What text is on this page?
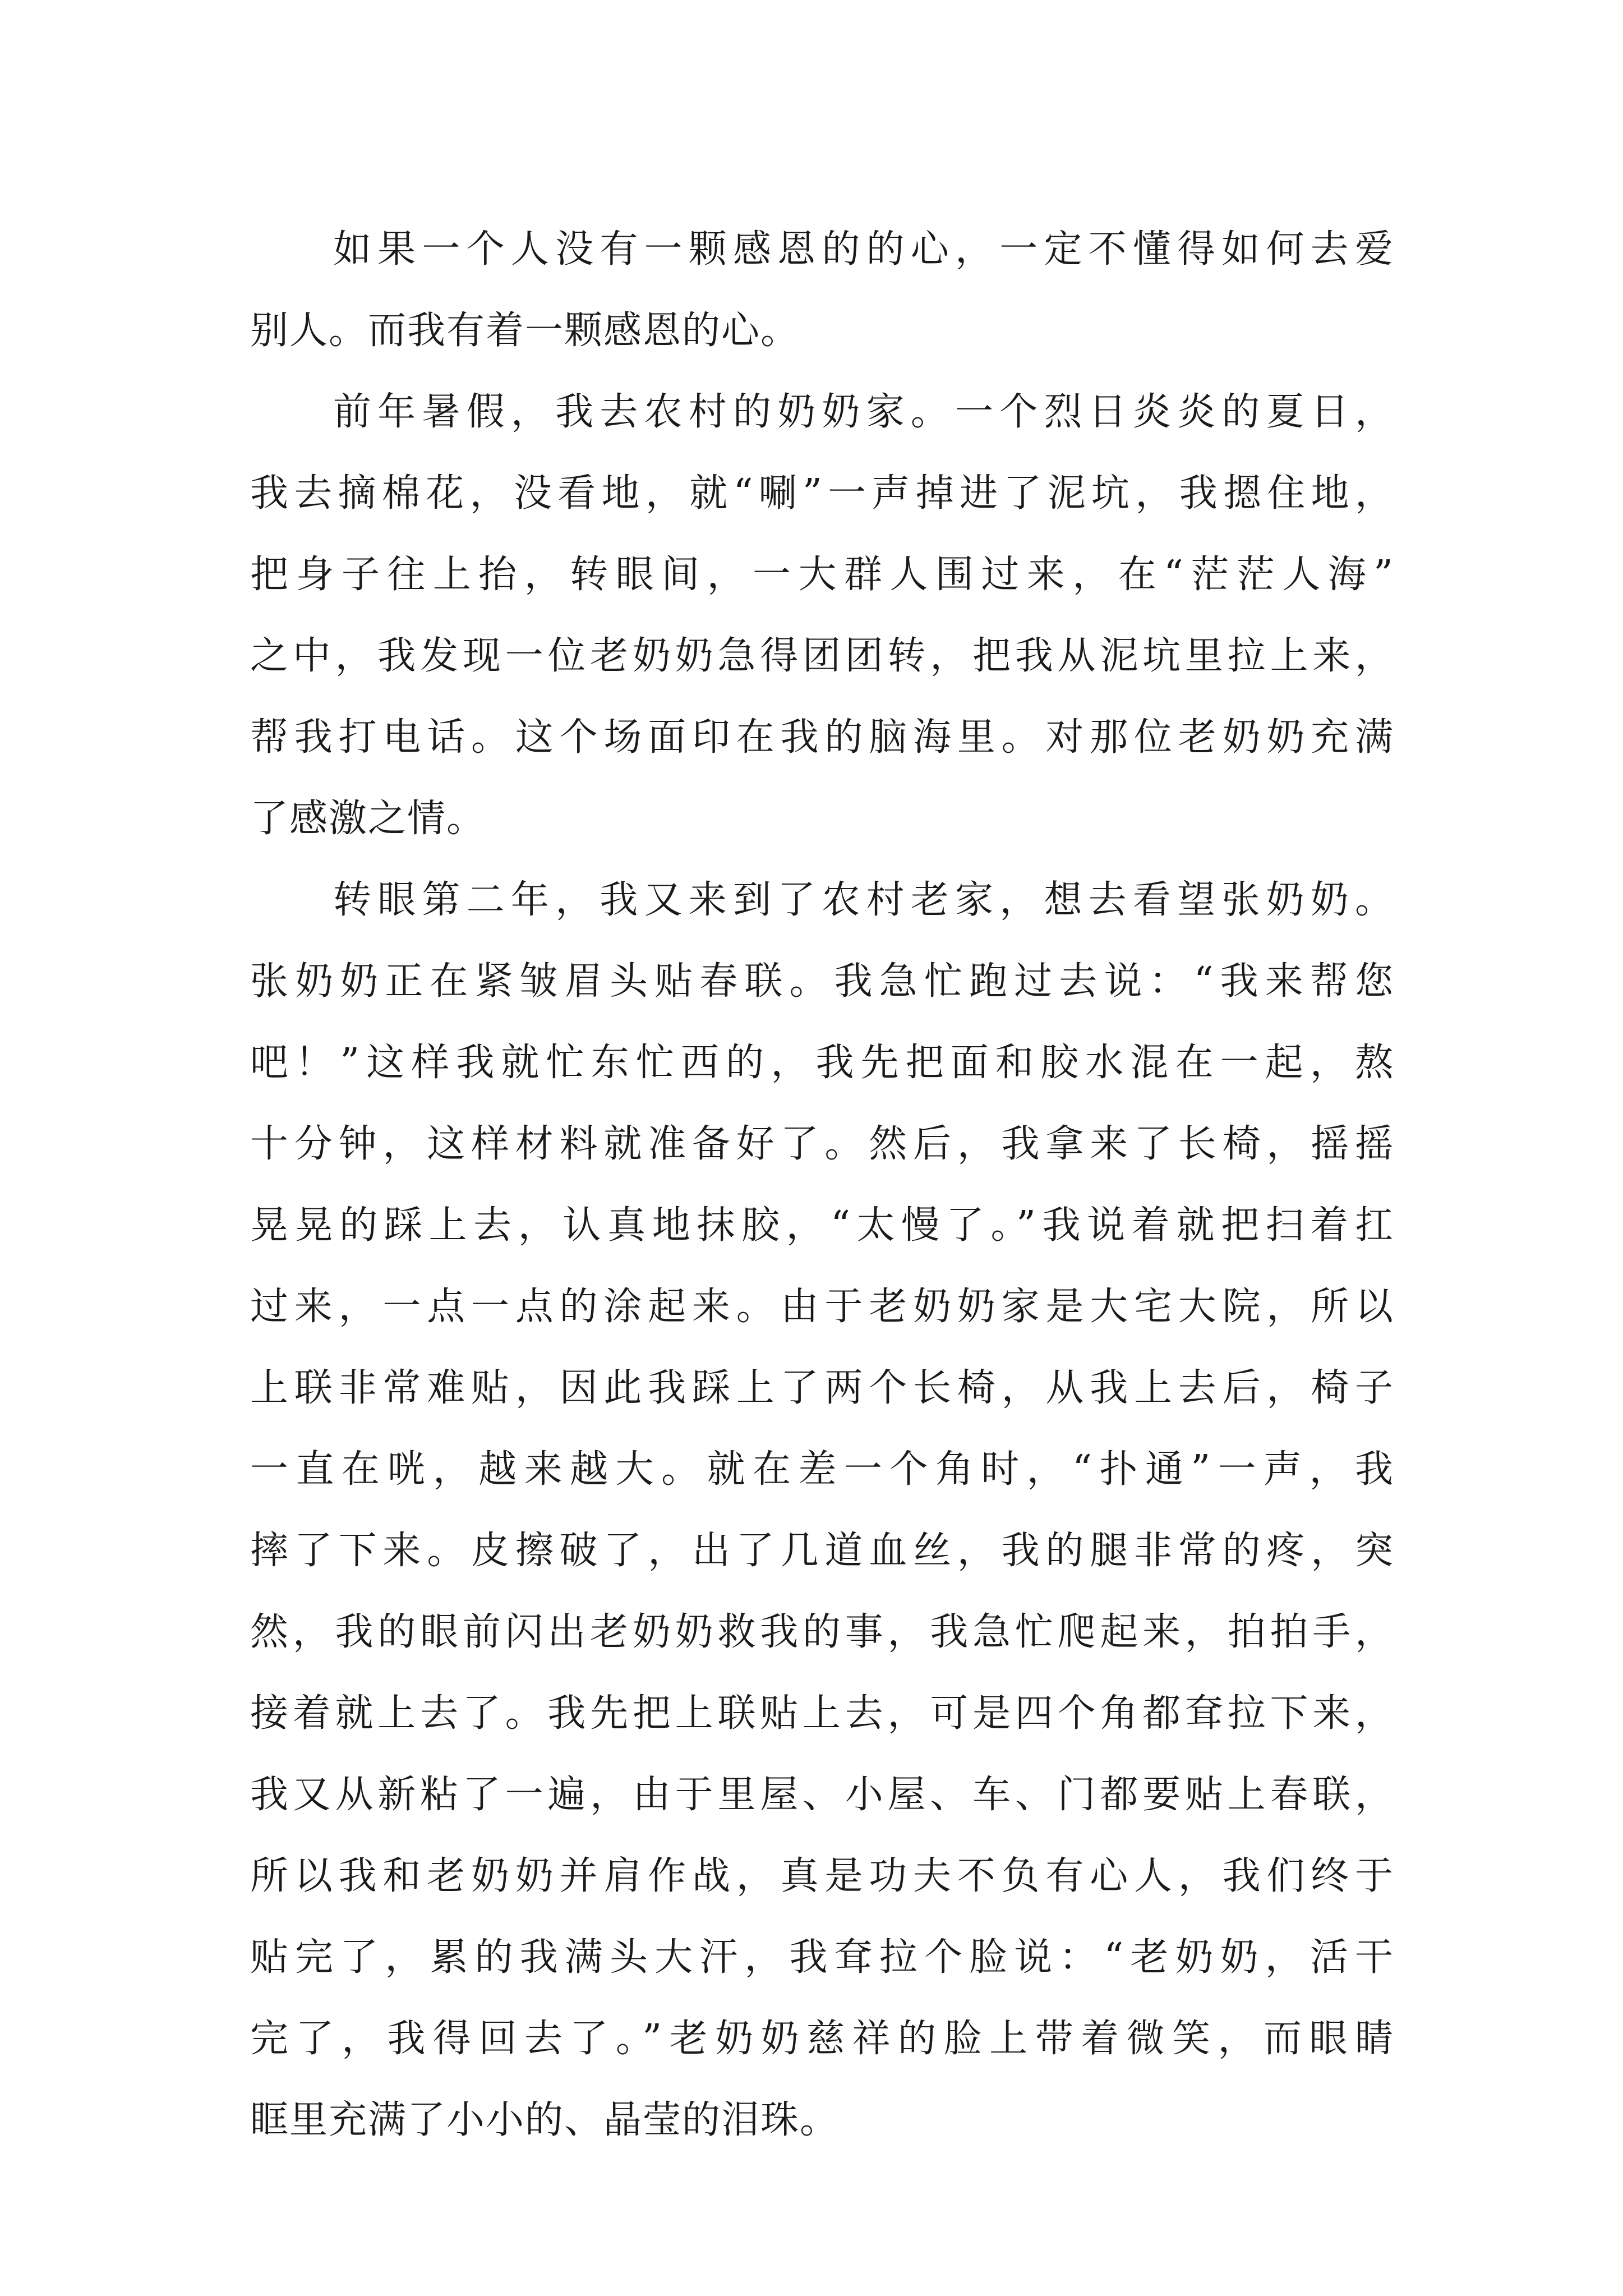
如果一个人没有一颗感恩的的心，一定不懂得如何去爱
别人。而我有着一颗感恩的心。
前年暑假，我去农村的奶奶家。一个烈日炎炎的夏日，
我去摘棉花，没看地，就“唰”一声掉进了泥坑，我摁住地，
把身子往上抬，转眼间，一大群人围过来，在“茫茫人海”
之中，我发现一位老奶奶急得团团转，把我从泥坑里拉上来，
帮我打电话。这个场面印在我的脑海里。对那位老奶奶充满
了感激之情。
转眼第二年，我又来到了农村老家，想去看望张奶奶。
张奶奶正在紧皱眉头贴春联。我急忙跑过去说：“我来帮您
吧！”这样我就忙东忙西的，我先把面和胶水混在一起，熬
十分钟，这样材料就准备好了。然后，我拿来了长椅，摇摇
晃晃的踩上去，认真地抹胶，“太慢了。”我说着就把扫着扛
过来，一点一点的涂起来。由于老奶奶家是大宅大院，所以
上联非常难贴，因此我踩上了两个长椅，从我上去后，椅子
一直在咣，越来越大。就在差一个角时，“扑通”一声，我
摔了下来。皮擦破了，出了几道血丝，我的腿非常的疼，突
然，我的眼前闪出老奶奶救我的事，我急忙爬起来，拍拍手，
接着就上去了。我先把上联贴上去，可是四个角都耷拉下来，
我又从新粘了一遍，由于里屋、小屋、车、门都要贴上春联，
所以我和老奶奶并肩作战，真是功夫不负有心人，我们终于
贴完了，累的我满头大汗，我耷拉个脸说：“老奶奶，活干
完了，我得回去了。”老奶奶慈祥的脸上带着微笑，而眼睛
眶里充满了小小的、晶莹的泪珠。
